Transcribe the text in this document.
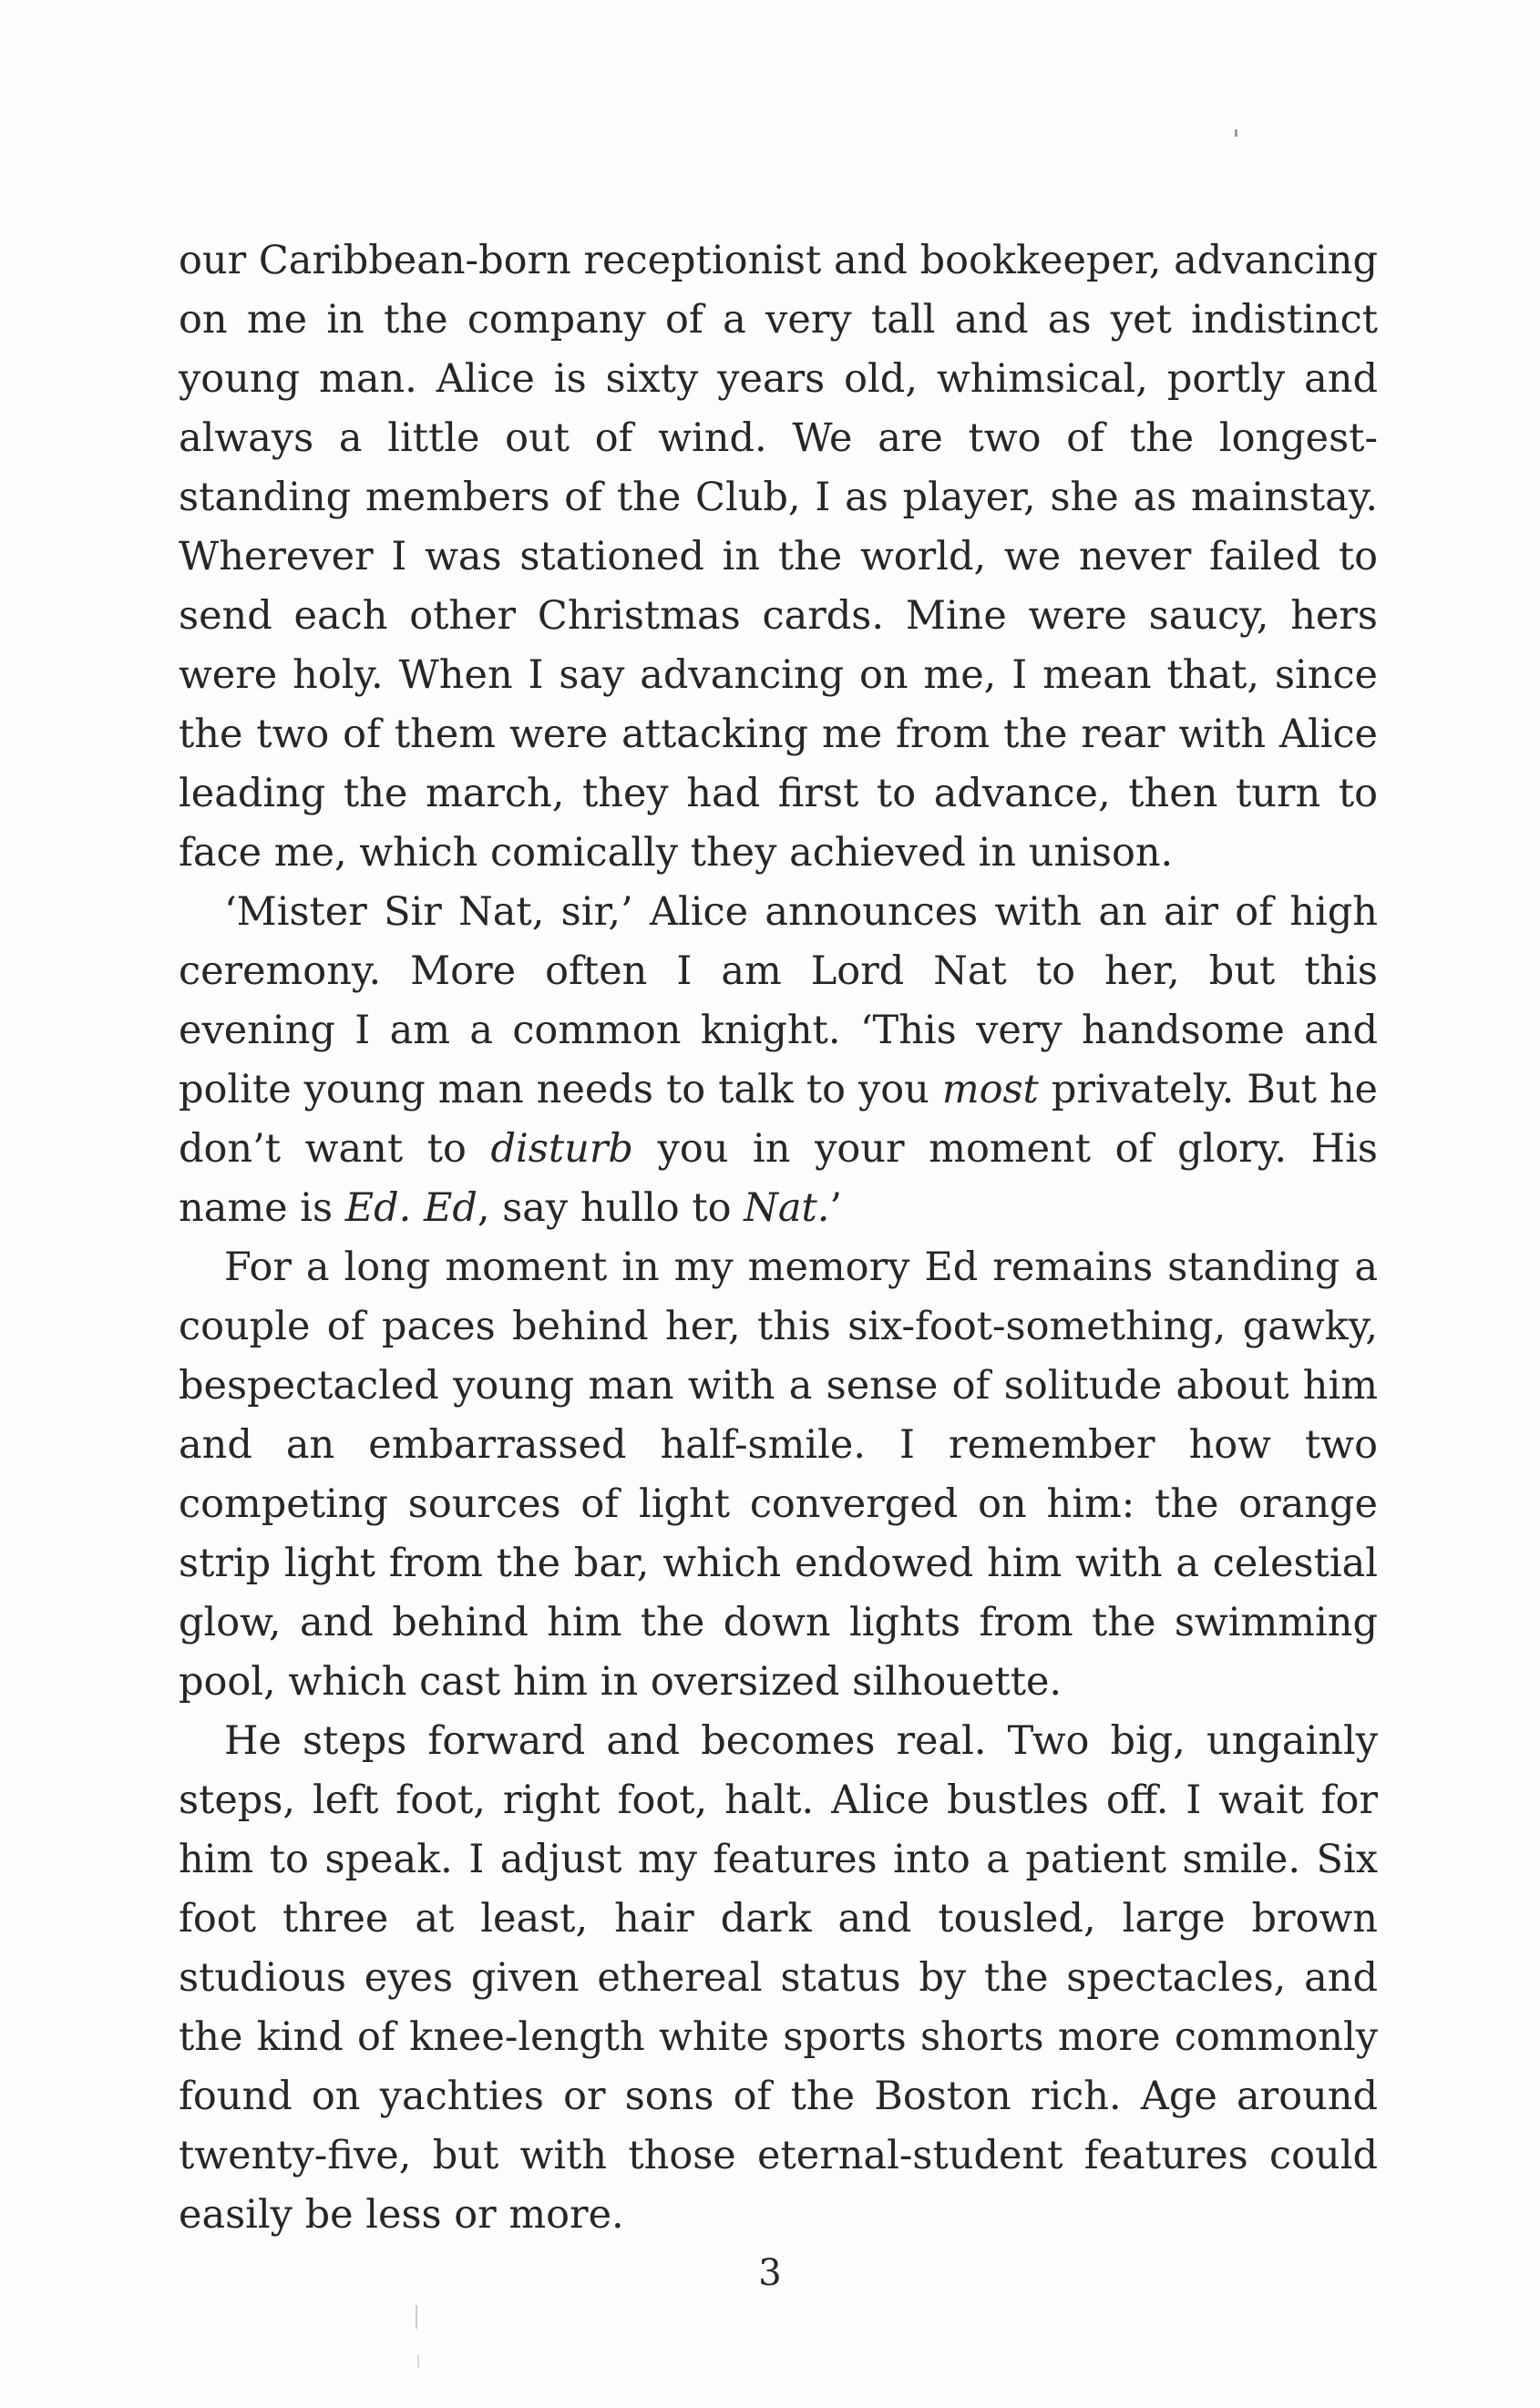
our Caribbean-born receptionist and bookkeeper, advancing on me in the company of a very tall and as yet indistinct young man. Alice is sixty years old, whimsical, portly and always a little out of wind. We are two of the longest-standing members of the Club, I as player, she as mainstay. Wherever I was stationed in the world, we never failed to send each other Christmas cards. Mine were saucy, hers were holy. When I say advancing on me, I mean that, since the two of them were attacking me from the rear with Alice leading the march, they had first to advance, then turn to face me, which comically they achieved in unison.

‘Mister Sir Nat, sir,’ Alice announces with an air of high ceremony. More often I am Lord Nat to her, but this evening I am a common knight. ‘This very handsome and polite young man needs to talk to you most privately. But he don’t want to disturb you in your moment of glory. His name is Ed. Ed, say hullo to Nat.’

For a long moment in my memory Ed remains standing a couple of paces behind her, this six-foot-something, gawky, bespectacled young man with a sense of solitude about him and an embarrassed half-smile. I remember how two competing sources of light converged on him: the orange strip light from the bar, which endowed him with a celestial glow, and behind him the down lights from the swimming pool, which cast him in oversized silhouette.

He steps forward and becomes real. Two big, ungainly steps, left foot, right foot, halt. Alice bustles off. I wait for him to speak. I adjust my features into a patient smile. Six foot three at least, hair dark and tousled, large brown studious eyes given ethereal status by the spectacles, and the kind of knee-length white sports shorts more commonly found on yachties or sons of the Boston rich. Age around twenty-five, but with those eternal-student features could easily be less or more.

3
